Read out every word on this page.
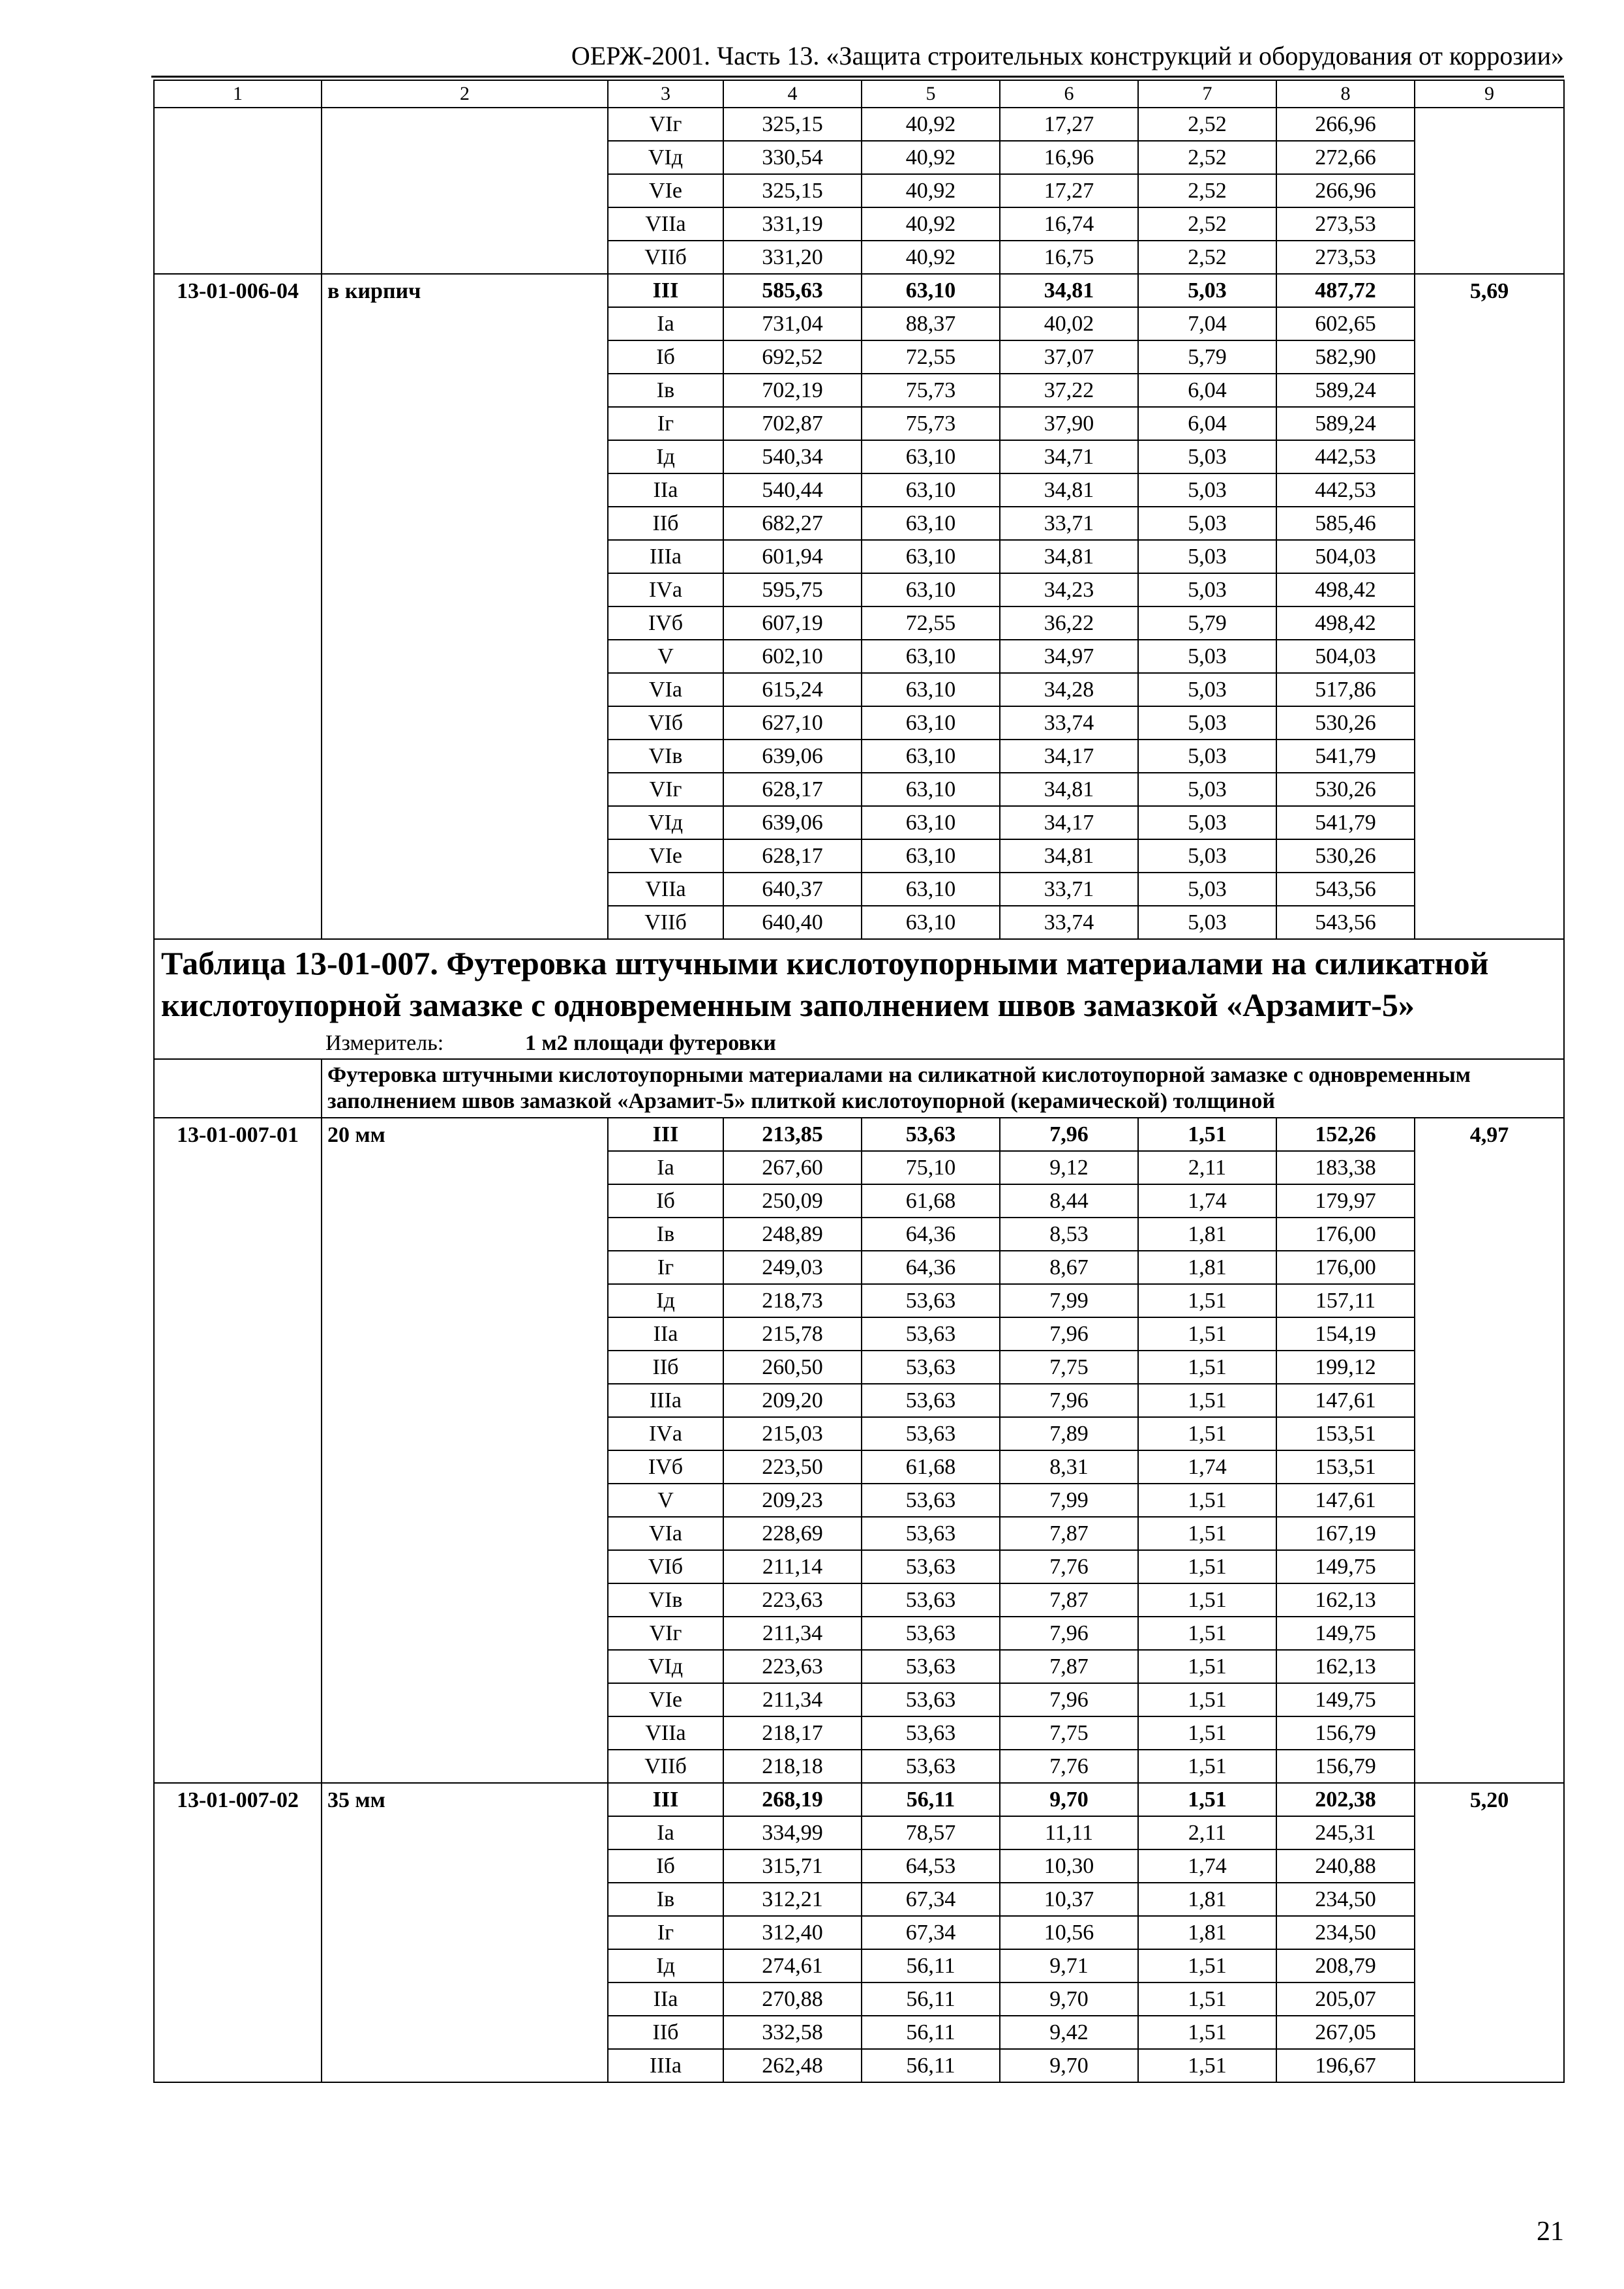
ОЕРЖ-2001. Часть 13. «Защита строительных конструкций и оборудования от коррозии»
1	2	3	4	5	6	7	8	9
		VIг	325,15	40,92	17,27	2,52	266,96	
		VIд	330,54	40,92	16,96	2,52	272,66	
		VIе	325,15	40,92	17,27	2,52	266,96	
		VIIа	331,19	40,92	16,74	2,52	273,53	
		VIIб	331,20	40,92	16,75	2,52	273,53	
13-01-006-04	в кирпич	III	585,63	63,10	34,81	5,03	487,72	5,69
		Iа	731,04	88,37	40,02	7,04	602,65	
		Iб	692,52	72,55	37,07	5,79	582,90	
		Iв	702,19	75,73	37,22	6,04	589,24	
		Iг	702,87	75,73	37,90	6,04	589,24	
		Iд	540,34	63,10	34,71	5,03	442,53	
		IIа	540,44	63,10	34,81	5,03	442,53	
		IIб	682,27	63,10	33,71	5,03	585,46	
		IIIа	601,94	63,10	34,81	5,03	504,03	
		IVа	595,75	63,10	34,23	5,03	498,42	
		IVб	607,19	72,55	36,22	5,79	498,42	
		V	602,10	63,10	34,97	5,03	504,03	
		VIа	615,24	63,10	34,28	5,03	517,86	
		VIб	627,10	63,10	33,74	5,03	530,26	
		VIв	639,06	63,10	34,17	5,03	541,79	
		VIг	628,17	63,10	34,81	5,03	530,26	
		VIд	639,06	63,10	34,17	5,03	541,79	
		VIе	628,17	63,10	34,81	5,03	530,26	
		VIIа	640,37	63,10	33,71	5,03	543,56	
		VIIб	640,40	63,10	33,74	5,03	543,56	
Таблица 13-01-007. Футеровка штучными кислотоупорными материалами на силикатной кислотоупорной замазке с одновременным заполнением швов замазкой «Арзамит-5»								
Измеритель: 1 м2 площади футеровки								
	Футеровка штучными кислотоупорными материалами на силикатной кислотоупорной замазке с одновременным заполнением швов замазкой «Арзамит-5» плиткой кислотоупорной (керамической) толщиной							
13-01-007-01	20 мм	III	213,85	53,63	7,96	1,51	152,26	4,97
		Iа	267,60	75,10	9,12	2,11	183,38	
		Iб	250,09	61,68	8,44	1,74	179,97	
		Iв	248,89	64,36	8,53	1,81	176,00	
		Iг	249,03	64,36	8,67	1,81	176,00	
		Iд	218,73	53,63	7,99	1,51	157,11	
		IIа	215,78	53,63	7,96	1,51	154,19	
		IIб	260,50	53,63	7,75	1,51	199,12	
		IIIа	209,20	53,63	7,96	1,51	147,61	
		IVа	215,03	53,63	7,89	1,51	153,51	
		IVб	223,50	61,68	8,31	1,74	153,51	
		V	209,23	53,63	7,99	1,51	147,61	
		VIа	228,69	53,63	7,87	1,51	167,19	
		VIб	211,14	53,63	7,76	1,51	149,75	
		VIв	223,63	53,63	7,87	1,51	162,13	
		VIг	211,34	53,63	7,96	1,51	149,75	
		VIд	223,63	53,63	7,87	1,51	162,13	
		VIе	211,34	53,63	7,96	1,51	149,75	
		VIIа	218,17	53,63	7,75	1,51	156,79	
		VIIб	218,18	53,63	7,76	1,51	156,79	
13-01-007-02	35 мм	III	268,19	56,11	9,70	1,51	202,38	5,20
		Iа	334,99	78,57	11,11	2,11	245,31	
		Iб	315,71	64,53	10,30	1,74	240,88	
		Iв	312,21	67,34	10,37	1,81	234,50	
		Iг	312,40	67,34	10,56	1,81	234,50	
		Iд	274,61	56,11	9,71	1,51	208,79	
		IIа	270,88	56,11	9,70	1,51	205,07	
		IIб	332,58	56,11	9,42	1,51	267,05	
		IIIа	262,48	56,11	9,70	1,51	196,67	
21
